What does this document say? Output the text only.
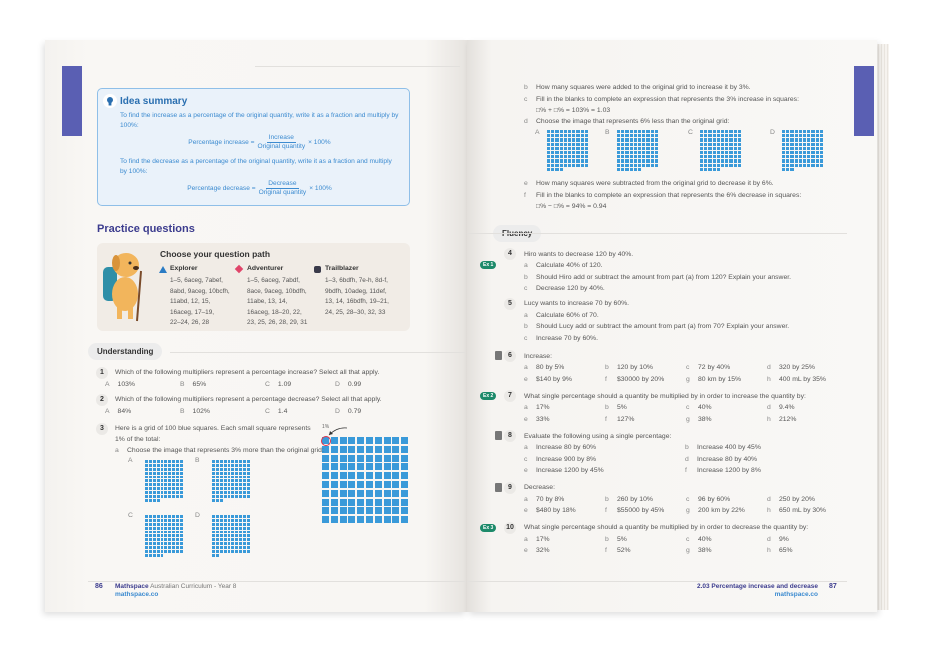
Idea summary

To find the increase as a percentage of the original quantity, write it as a fraction and multiply by 100%:

Percentage increase = $\frac{\text{Increase}}{\text{Original quantity}} \times 100\%$

To find the decrease as a percentage of the original quantity, write it as a fraction and multiply by 100%:

Percentage decrease = $\frac{\text{Decrease}}{\text{Original quantity}} \times 100\%$
Practice questions
Choose your question path
Explorer
1–5, 6aceg, 7abef,
8abd, 9aceg, 10bcfh,
11abd, 12, 15,
16aceg, 17–19,
22–24, 26, 28
Adventurer
1–5, 6aceg, 7abdf,
8ace, 9aceg, 10bdfh,
11abe, 13, 14,
16aceg, 18–20, 22,
23, 25, 26, 28, 29, 31
Trailblazer
1–3, 6bdfh, 7e-h, 8d-f,
9bdfh, 10adeg, 11def,
13, 14, 16bdfh, 19–21,
24, 25, 28–30, 32, 33
Understanding
1%
86 Mathspace Australian Curriculum - Year 8
mathspace.co
b How many squares were added to the original grid to increase it by 3%.
c Fill in the blanks to complete an expression that represents the 3% increase in squares:
d Choose the image that represents 6% less than the original grid:
e How many squares were subtracted from the original grid to decrease it by 6%.
f Fill in the blanks to complete an expression that represents the 6% decrease in squares:
□% + □% = 103% = 1.03
□% − □% = 94% = 0.94
A	B	C	D
4	Hiro wants to decrease 120 by 40%.
Ex 1	a	Calculate 40% of 120.
b	Should Hiro add or subtract the amount from part (a) from 120? Explain your answer.
c	Decrease 120 by 40%.
5	Lucy wants to increase 70 by 60%.
a	Calculate 60% of 70.
b	Should Lucy add or subtract the amount from part (a) from 70? Explain your answer.
c	Increase 70 by 60%.
6	Increase:
a	80 by 5%	b	120 by 10%	c	72 by 40%	d	320 by 25%
e	$140 by 9%	f	$30000 by 20%	g	80 km by 15%	h	400 mL by 35%
7	What single percentage should a quantity be multiplied by in order to increase the quantity by:
Ex 2
a	17%	b	5%	c	40%	d	9.4%
e	33%	f	127%	g	38%	h	212%
8	Evaluate the following using a single percentage:
a	Increase 80 by 60%	b	Increase 400 by 45%
c	Increase 900 by 8%	d	Increase 80 by 40%
e	Increase 1200 by 45%	f	Increase 1200 by 8%
9	Decrease:
a	70 by 8%	b	260 by 10%	c	96 by 60%	d	250 by 20%
e	$480 by 18%	f	$55000 by 45%	g	200 km by 22%	h	650 mL by 30%
10	What single percentage should a quantity be multiplied by in order to decrease the quantity by:
Ex 3
a	17%	b	5%	c	40%	d	9%
e	32%	f	52%	g	38%	h	65%
2.03 Percentage increase and decrease
mathspace.co
87
1	Which of the following multipliers represent a percentage increase? Select all that apply.
A 103%	B 65%	C 1.09	D 0.99
2	Which of the following multipliers represent a percentage decrease? Select all that apply.
A 84%	B 102%	C 1.4	D 0.79
3	Here is a grid of 100 blue squares. Each small square represents
1% of the total:
a Choose the image that represents 3% more than the original grid:
A	B
C	D
